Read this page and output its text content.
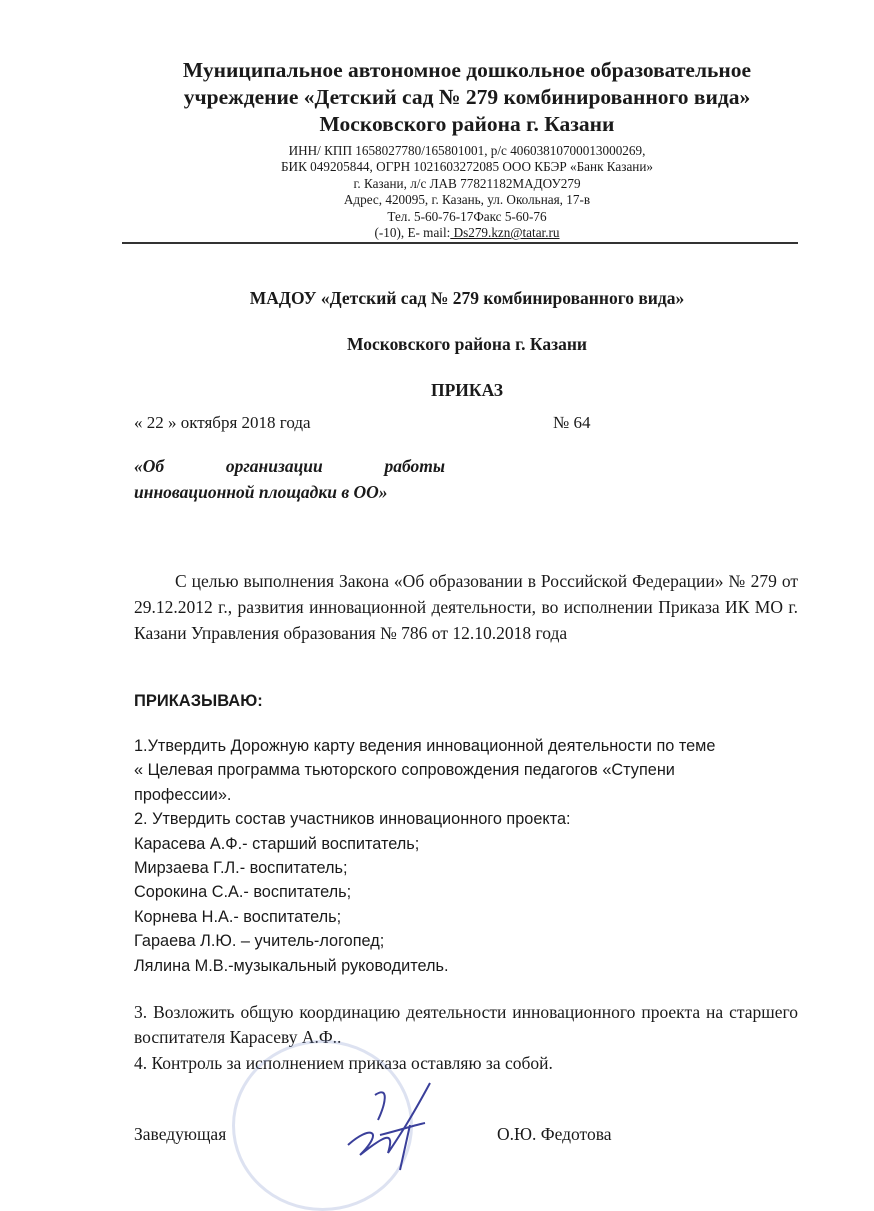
Муниципальное автономное дошкольное образовательное
учреждение «Детский сад № 279 комбинированного вида»
Московского района г. Казани
ИНН/ КПП 1658027780/165801001, р/с 40603810700013000269,
БИК 049205844, ОГРН 1021603272085 ООО КБЭР «Банк Казани»
г. Казани, л/с ЛАВ 77821182МАДОУ279
Адрес, 420095, г. Казань, ул. Окольная, 17-в
Тел. 5-60-76-17Факс 5-60-76
(-10), E- mail: Ds279.kzn@tatar.ru
МАДОУ «Детский сад № 279 комбинированного вида»
Московского района г. Казани
ПРИКАЗ
« 22 » октября 2018 года	№ 64
«Об	организации	работы
инновационной площадки в ОО»
С целью выполнения Закона «Об образовании в Российской Федерации» № 279 от 29.12.2012 г., развития инновационной деятельности, во исполнении Приказа ИК МО г. Казани Управления образования № 786 от 12.10.2018 года
ПРИКАЗЫВАЮ:
1.Утвердить Дорожную карту ведения инновационной деятельности по теме
« Целевая программа тьюторского сопровождения педагогов «Ступени
профессии».
2. Утвердить состав участников инновационного проекта:
Карасева А.Ф.- старший воспитатель;
Мирзаева Г.Л.- воспитатель;
Сорокина С.А.- воспитатель;
Корнева Н.А.- воспитатель;
Гараева Л.Ю. – учитель-логопед;
Лялина М.В.-музыкальный руководитель.
3. Возложить общую координацию деятельности инновационного проекта на старшего воспитателя Карасеву А.Ф..
4. Контроль за исполнением приказа оставляю за собой.
Заведующая	О.Ю. Федотова
